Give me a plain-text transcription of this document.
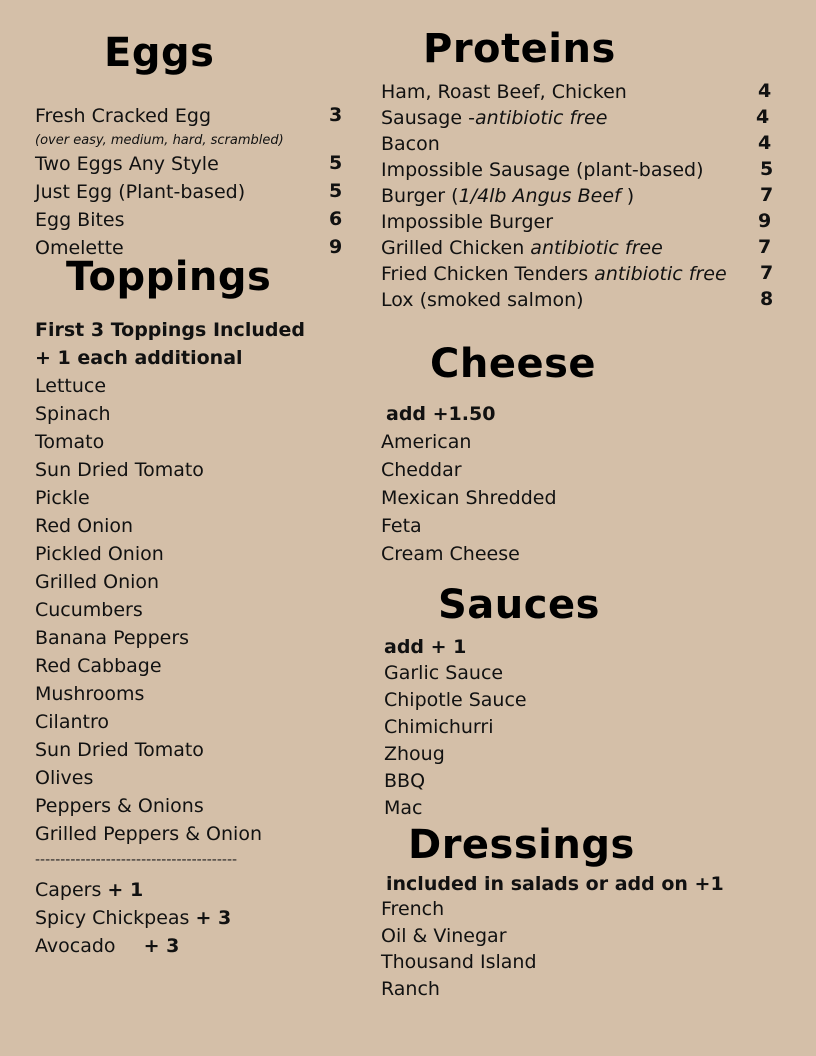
Eggs
Fresh Cracked Egg	3
(over easy, medium, hard, scrambled)
Two Eggs Any Style	5
Just Egg (Plant-based)	5
Egg Bites	6
Omelette	9
Toppings
First 3 Toppings Included
+ 1 each additional
Lettuce
Spinach
Tomato
Sun Dried Tomato
Pickle
Red Onion
Pickled Onion
Grilled Onion
Cucumbers
Banana Peppers
Red Cabbage
Mushrooms
Cilantro
Sun Dried Tomato
Olives
Peppers & Onions
Grilled Peppers & Onion
----------------------------------------
Capers + 1
Spicy Chickpeas + 3
Avocado + 3
Proteins
Ham, Roast Beef, Chicken	4
Sausage -antibiotic free	4
Bacon	4
Impossible Sausage (plant-based)	5
Burger (1/4lb Angus Beef )	7
Impossible Burger	9
Grilled Chicken antibiotic free	7
Fried Chicken Tenders antibiotic free 7
Lox (smoked salmon)	8
Cheese
add +1.50
American
Cheddar
Mexican Shredded
Feta
Cream Cheese
Sauces
add + 1
Garlic Sauce
Chipotle Sauce
Chimichurri
Zhoug
BBQ
Mac
Dressings
included in salads or add on +1
French
Oil & Vinegar
Thousand Island
Ranch
